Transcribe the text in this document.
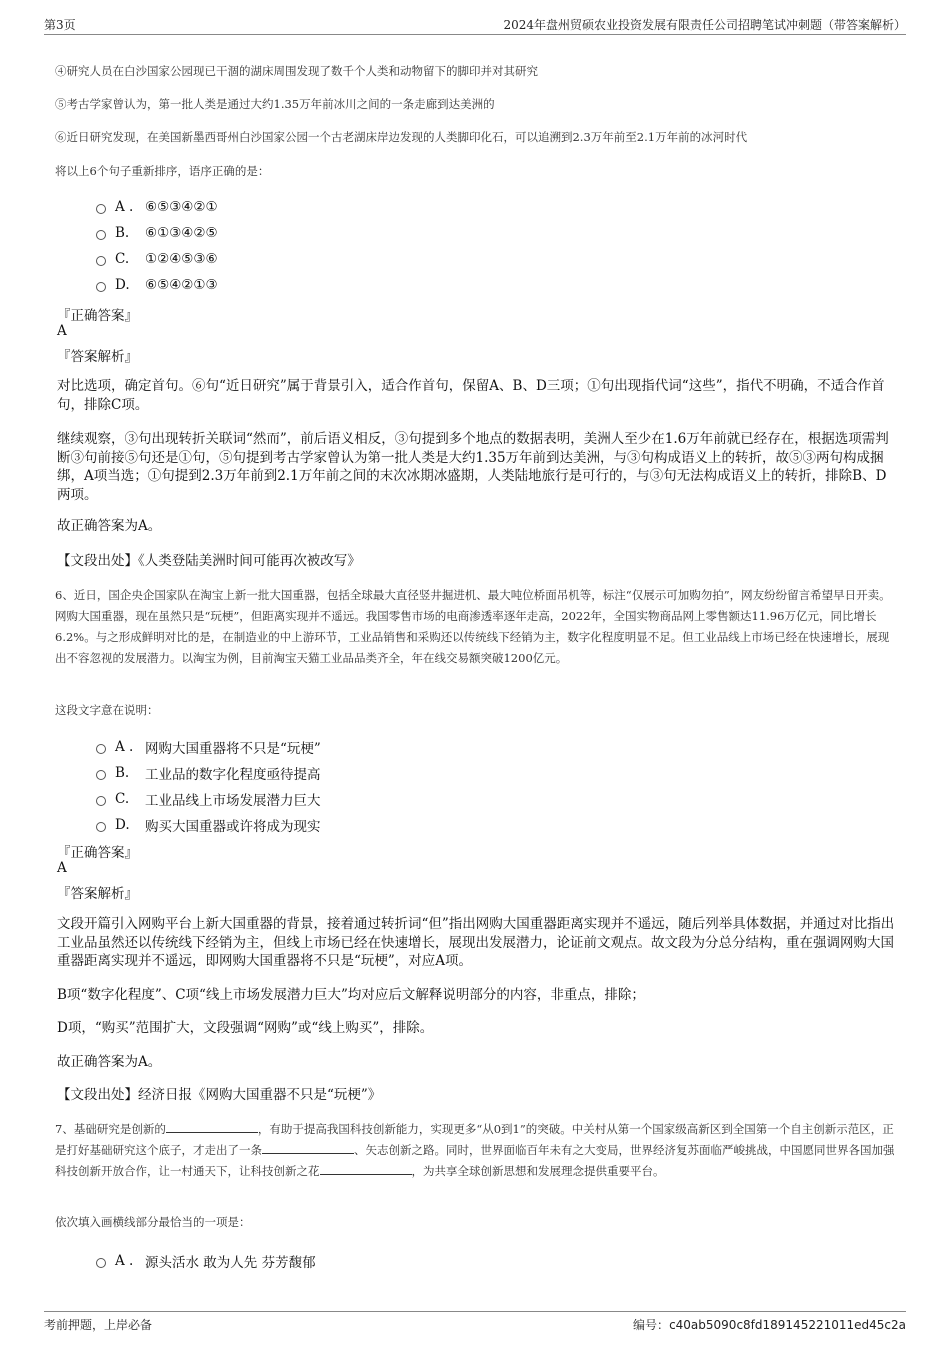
第3页	2024年盘州贸硕农业投资发展有限责任公司招聘笔试冲刺题（带答案解析）
④研究人员在白沙国家公园现已干涸的湖床周围发现了数千个人类和动物留下的脚印并对其研究
⑤考古学家曾认为，第一批人类是通过大约1.35万年前冰川之间的一条走廊到达美洲的
⑥近日研究发现，在美国新墨西哥州白沙国家公园一个古老湖床岸边发现的人类脚印化石，可以追溯到2.3万年前至2.1万年前的冰河时代
将以上6个句子重新排序，语序正确的是：
A . ⑥⑤③④②①
B.	⑥①③④②⑤
C.	①②④⑤③⑥
D.	⑥⑤④②①③
『正确答案』
A
『答案解析』
对比选项，确定首句。⑥句“近日研究”属于背景引入，适合作首句，保留A、B、D三项；①句出现指代词“这些”，指代不明确，不适合作首句，排除C项。
继续观察，③句出现转折关联词“然而”，前后语义相反，③句提到多个地点的数据表明，美洲人至少在1.6万年前就已经存在，根据选项需判断③句前接⑤句还是①句，⑤句提到考古学家曾认为第一批人类是大约1.35万年前到达美洲，与③句构成语义上的转折，故⑤③两句构成捆绑，A项当选；①句提到2.3万年前到2.1万年前之间的末次冰期冰盛期，人类陆地旅行是可行的，与③句无法构成语义上的转折，排除B、D两项。
故正确答案为A。
【文段出处】《人类登陆美洲时间可能再次被改写》
6、近日，国企央企国家队在淘宝上新一批大国重器，包括全球最大直径竖井掘进机、最大吨位桥面吊机等，标注“仅展示可加购勿拍”，网友纷纷留言希望早日开卖。网购大国重器，现在虽然只是“玩梗”，但距离实现并不遥远。我国零售市场的电商渗透率逐年走高，2022年，全国实物商品网上零售额达11.96万亿元，同比增长6.2%。与之形成鲜明对比的是，在制造业的中上游环节，工业品销售和采购还以传统线下经销为主，数字化程度明显不足。但工业品线上市场已经在快速增长，展现出不容忽视的发展潜力。以淘宝为例，目前淘宝天猫工业品品类齐全，年在线交易额突破1200亿元。
这段文字意在说明：
A . 网购大国重器将不只是“玩梗”
B.	工业品的数字化程度亟待提高
C.	工业品线上市场发展潜力巨大
D.	购买大国重器或许将成为现实
『正确答案』
A
『答案解析』
文段开篇引入网购平台上新大国重器的背景，接着通过转折词“但”指出网购大国重器距离实现并不遥远，随后列举具体数据，并通过对比指出工业品虽然还以传统线下经销为主，但线上市场已经在快速增长，展现出发展潜力，论证前文观点。故文段为分总分结构，重在强调网购大国重器距离实现并不遥远，即网购大国重器将不只是“玩梗”，对应A项。
B项“数字化程度”、C项“线上市场发展潜力巨大”均对应后文解释说明部分的内容，非重点，排除；
D项，“购买”范围扩大，文段强调“网购”或“线上购买”，排除。
故正确答案为A。
【文段出处】经济日报《网购大国重器不只是“玩梗”》
7、基础研究是创新的	，有助于提高我国科技创新能力，实现更多“从0到1”的突破。中关村从第一个国家级高新区到全国第一个自主创新示范区，正是打好基础研究这个底子，才走出了一条	、矢志创新之路。同时，世界面临百年未有之大变局，世界经济复苏面临严峻挑战，中国愿同世界各国加强科技创新开放合作，让一村通天下，让科技创新之花	，为共享全球创新思想和发展理念提供重要平台。
依次填入画横线部分最恰当的一项是：
A . 源头活水 敢为人先 芬芳馥郁
考前押题，上岸必备	编号：c40ab5090c8fd189145221011ed45c2a
